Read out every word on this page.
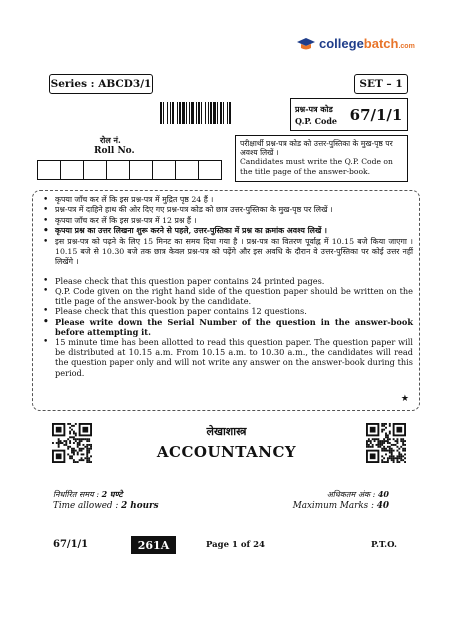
collegebatch.com
Series : ABCD3/1	SET – 1
प्रश्न-पत्र कोड
Q.P. Code 67/1/1
रोल नं.
Roll No.
परीक्षार्थी प्रश्न-पत्र कोड को उत्तर-पुस्तिका के मुख-पृष्ठ पर अवश्य लिखें ।
Candidates must write the Q.P. Code on the title page of the answer-book.
• कृपया जाँच कर लें कि इस प्रश्न-पत्र में मुद्रित पृष्ठ 24 हैं ।
• प्रश्न-पत्र में दाहिने हाथ की ओर दिए गए प्रश्न-पत्र कोड को छात्र उत्तर-पुस्तिका के मुख-पृष्ठ पर लिखें ।
• कृपया जाँच कर लें कि इस प्रश्न-पत्र में 12 प्रश्न हैं ।
• कृपया प्रश्न का उत्तर लिखना शुरू करने से पहले, उत्तर-पुस्तिका में प्रश्न का क्रमांक अवश्य लिखें ।
• इस प्रश्न-पत्र को पढ़ने के लिए 15 मिनट का समय दिया गया है । प्रश्न-पत्र का वितरण पूर्वाह्न में 10.15 बजे किया जाएगा । 10.15 बजे से 10.30 बजे तक छात्र केवल प्रश्न-पत्र को पढ़ेंगे और इस अवधि के दौरान वे उत्तर-पुस्तिका पर कोई उत्तर नहीं लिखेंगे ।
• Please check that this question paper contains 24 printed pages.
• Q.P. Code given on the right hand side of the question paper should be written on the title page of the answer-book by the candidate.
• Please check that this question paper contains 12 questions.
• Please write down the Serial Number of the question in the answer-book before attempting it.
• 15 minute time has been allotted to read this question paper. The question paper will be distributed at 10.15 a.m. From 10.15 a.m. to 10.30 a.m., the candidates will read the question paper only and will not write any answer on the answer-book during this period.
★
लेखाशास्त्र
ACCOUNTANCY
निर्धारित समय : 2 घण्टे
Time allowed : 2 hours
अधिकतम अंक : 40
Maximum Marks : 40
67/1/1	261A	Page 1 of 24	P.T.O.
